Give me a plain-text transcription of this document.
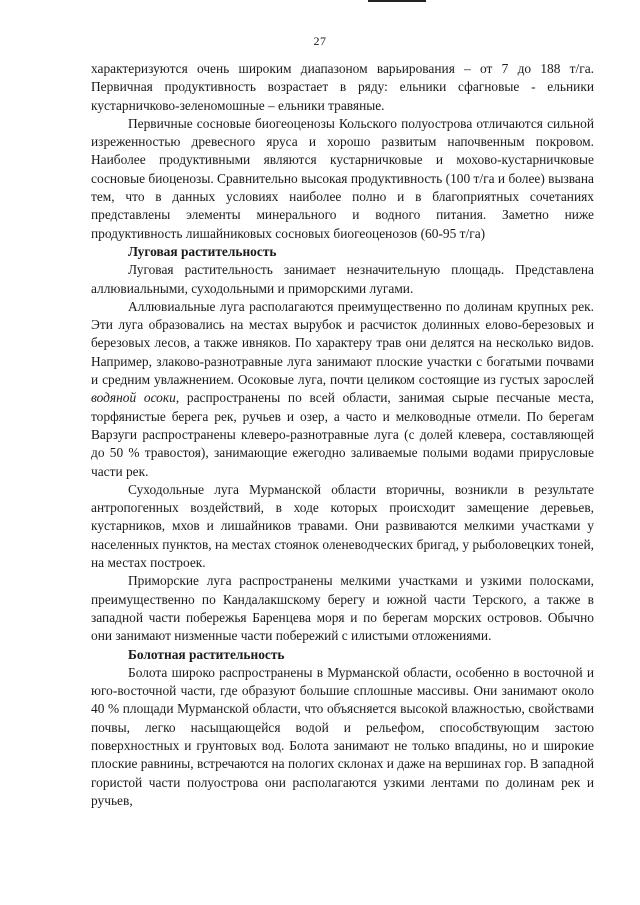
27

характеризуются очень широким диапазоном варьирования – от 7 до 188 т/га. Первичная продуктивность возрастает в ряду: ельники сфагновые - ельники кустарничково-зеленомошные – ельники травяные.

Первичные сосновые биогеоценозы Кольского полуострова отличаются сильной изреженностью древесного яруса и хорошо развитым напочвенным покровом. Наиболее продуктивными являются кустарничковые и мохово-кустарничковые сосновые биоценозы. Сравнительно высокая продуктивность (100 т/га и более) вызвана тем, что в данных условиях наиболее полно и в благоприятных сочетаниях представлены элементы минерального и водного питания. Заметно ниже продуктивность лишайниковых сосновых биогеоценозов (60-95 т/га)

Луговая растительность

Луговая растительность занимает незначительную площадь. Представлена аллювиальными, суходольными и приморскими лугами.

Аллювиальные луга располагаются преимущественно по долинам крупных рек. Эти луга образовались на местах вырубок и расчисток долинных елово-березовых и березовых лесов, а также ивняков. По характеру трав они делятся на несколько видов. Например, злаково-разнотравные луга занимают плоские участки с богатыми почвами и средним увлажнением. Осоковые луга, почти целиком состоящие из густых зарослей водяной осоки, распространены по всей области, занимая сырые песчаные места, торфянистые берега рек, ручьев и озер, а часто и мелководные отмели. По берегам Варзуги распространены клеверо-разнотравные луга (с долей клевера, составляющей до 50 % травостоя), занимающие ежегодно заливаемые полыми водами прирусловые части рек.

Суходольные луга Мурманской области вторичны, возникли в результате антропогенных воздействий, в ходе которых происходит замещение деревьев, кустарников, мхов и лишайников травами. Они развиваются мелкими участками у населенных пунктов, на местах стоянок оленеводческих бригад, у рыболовецких тоней, на местах построек.

Приморские луга распространены мелкими участками и узкими полосками, преимущественно по Кандалакшскому берегу и южной части Терского, а также в западной части побережья Баренцева моря и по берегам морских островов. Обычно они занимают низменные части побережий с илистыми отложениями.

Болотная растительность

Болота широко распространены в Мурманской области, особенно в восточной и юго-восточной части, где образуют большие сплошные массивы. Они занимают около 40 % площади Мурманской области, что объясняется высокой влажностью, свойствами почвы, легко насыщающейся водой и рельефом, способствующим застою поверхностных и грунтовых вод. Болота занимают не только впадины, но и широкие плоские равнины, встречаются на пологих склонах и даже на вершинах гор. В западной гористой части полуострова они располагаются узкими лентами по долинам рек и ручьев,
